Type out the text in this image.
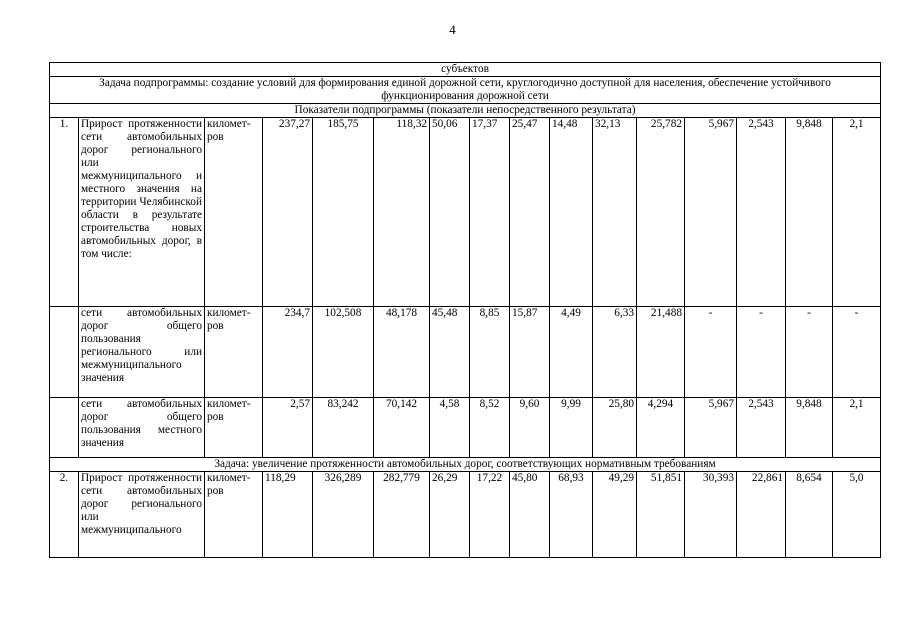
4
субъектов															
Задача подпрограммы: создание условий для формирования единой дорожной сети, круглогодично доступной для населения, обеспечение устойчивого функционирования дорожной сети															
Показатели подпрограммы (показатели непосредственного результата)															
1.	Прирост протяженности сети автомобильных дорог регионального или межмуниципального и местного значения на территории Челябинской области в результате строительства новых автомобильных дорог, в том числе:	километ-ров	237,27	185,75	118,32	50,06	17,37	25,47	14,48	32,13	25,782	5,967	2,543	9,848	2,1
	сети автомобильных дорог общего пользования регионального или межмуниципального значения	километ-ров	234,7	102,508	48,178	45,48	8,85	15,87	4,49	6,33	21,488	-	-	-	-
	сети автомобильных дорог общего пользования местного значения	километ-ров	2,57	83,242	70,142	4,58	8,52	9,60	9,99	25,80	4,294	5,967	2,543	9,848	2,1
Задача: увеличение протяженности автомобильных дорог, соответствующих нормативным требованиям															
2.	Прирост протяженности сети автомобильных дорог регионального или межмуниципального	километ-ров	118,29	326,289	282,779	26,29	17,22	45,80	68,93	49,29	51,851	30,393	22,861	8,654	5,0
